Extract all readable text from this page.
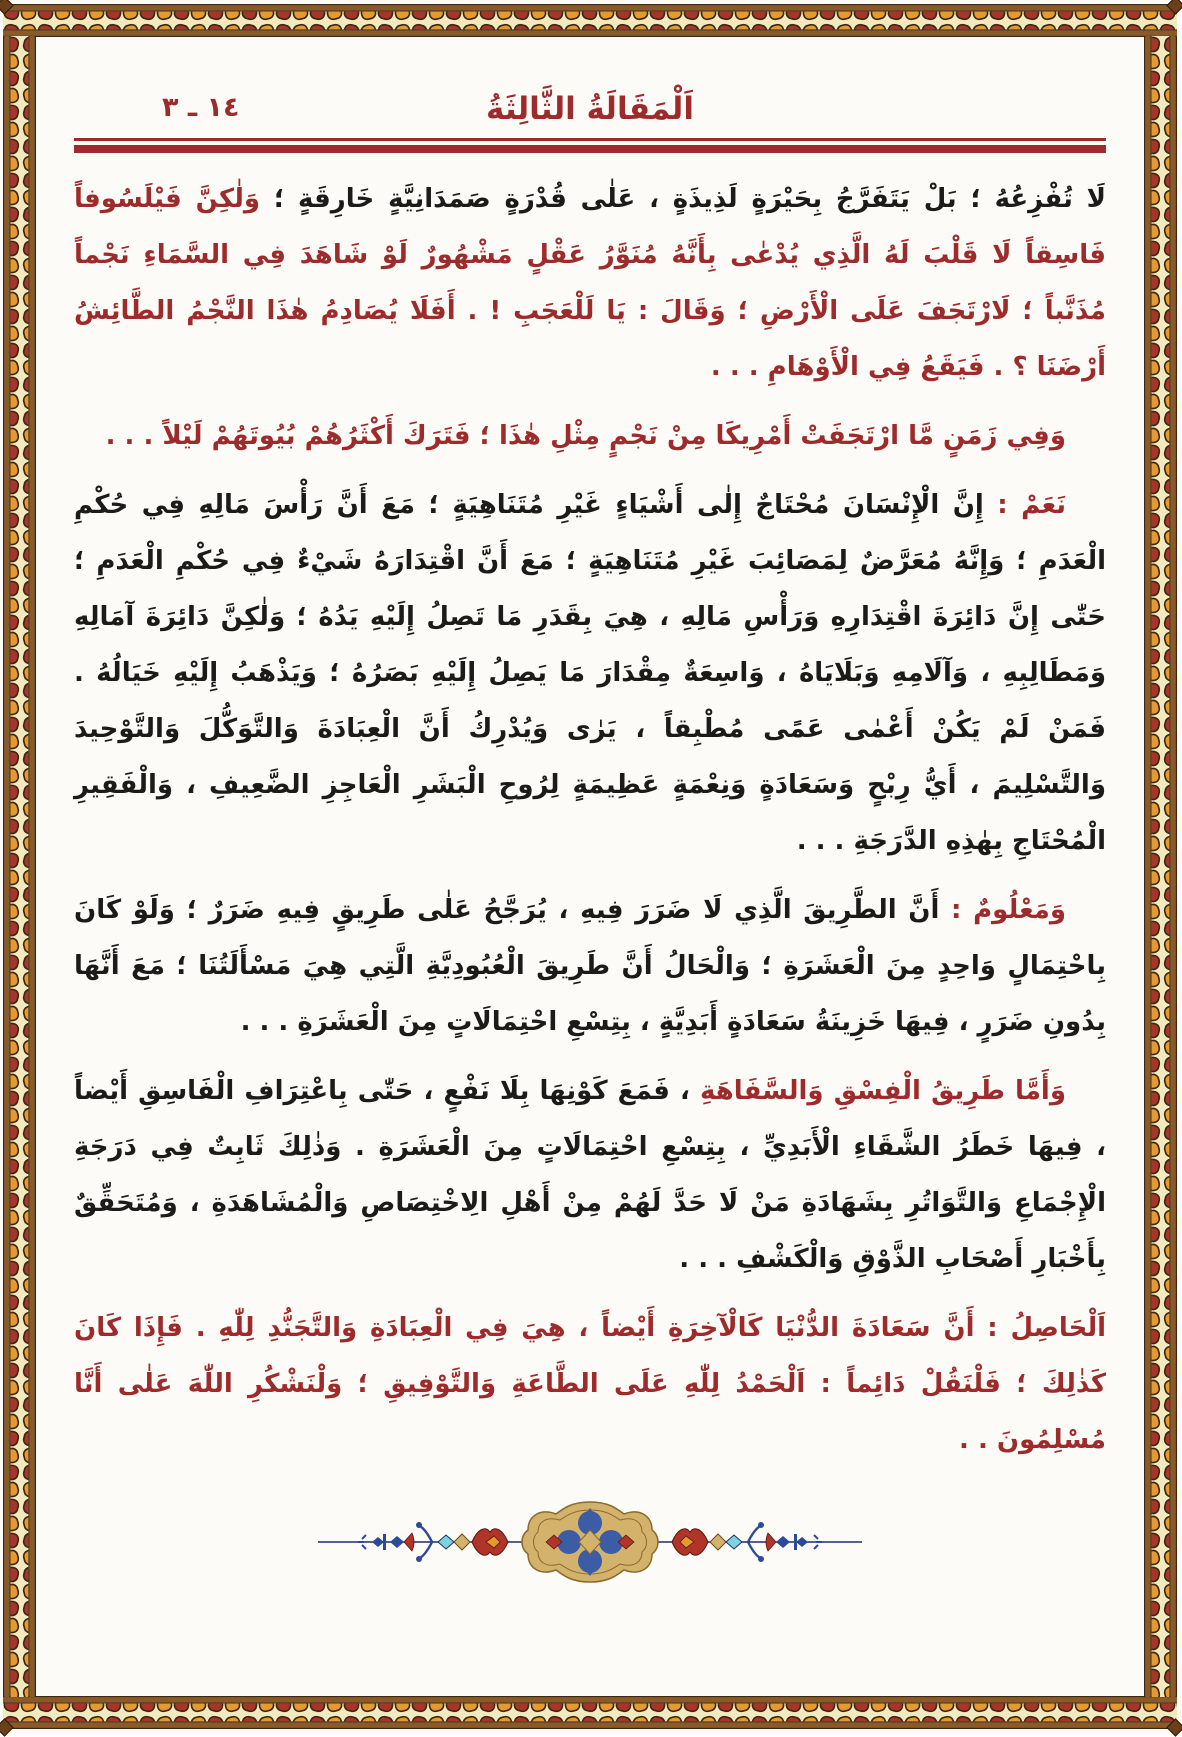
١٤ ـ ٣	اَلْمَقَالَةُ الثَّالِثَةُ

لَا تُفْزِعُهُ ؛ بَلْ يَتَفَرَّجُ بِحَيْرَةٍ لَذِيذَةٍ ، عَلٰى قُدْرَةٍ صَمَدَانِيَّةٍ خَارِقَةٍ ؛ وَلٰكِنَّ فَيْلَسُوفاً فَاسِقاً لَا قَلْبَ لَهُ الَّذِي يُدْعٰى بِأَنَّهُ مُنَوَّرُ عَقْلٍ مَشْهُورٌ لَوْ شَاهَدَ فِي السَّمَاءِ نَجْماً مُذَنَّباً ؛ لَارْتَجَفَ عَلَى الْأَرْضِ ؛ وَقَالَ : يَا لَلْعَجَبِ ! . أَفَلَا يُصَادِمُ هٰذَا النَّجْمُ الطَّائِشُ أَرْضَنَا ؟ . فَيَقَعُ فِي الْأَوْهَامِ . . .

وَفِي زَمَنٍ مَّا ارْتَجَفَتْ أَمْرِيكَا مِنْ نَجْمٍ مِثْلِ هٰذَا ؛ فَتَرَكَ أَكْثَرُهُمْ بُيُوتَهُمْ لَيْلاً . . .

نَعَمْ : إِنَّ الْإِنْسَانَ مُحْتَاجٌ إِلٰى أَشْيَاءٍ غَيْرِ مُتَنَاهِيَةٍ ؛ مَعَ أَنَّ رَأْسَ مَالِهِ فِي حُكْمِ الْعَدَمِ ؛ وَإِنَّهُ مُعَرَّضٌ لِمَصَائِبَ غَيْرِ مُتَنَاهِيَةٍ ؛ مَعَ أَنَّ اقْتِدَارَهُ شَيْءٌ فِي حُكْمِ الْعَدَمِ ؛ حَتّٰى إِنَّ دَائِرَةَ اقْتِدَارِهِ وَرَأْسِ مَالِهِ ، هِيَ بِقَدَرِ مَا تَصِلُ إِلَيْهِ يَدُهُ ؛ وَلٰكِنَّ دَائِرَةَ آمَالِهِ وَمَطَالِبِهِ ، وَآلَامِهِ وَبَلَايَاهُ ، وَاسِعَةٌ مِقْدَارَ مَا يَصِلُ إِلَيْهِ بَصَرُهُ ؛ وَيَذْهَبُ إِلَيْهِ خَيَالُهُ . فَمَنْ لَمْ يَكُنْ أَعْمٰى عَمًى مُطْبِقاً ، يَرٰى وَيُدْرِكُ أَنَّ الْعِبَادَةَ وَالتَّوَكُّلَ وَالتَّوْحِيدَ وَالتَّسْلِيمَ ، أَيُّ رِبْحٍ وَسَعَادَةٍ وَنِعْمَةٍ عَظِيمَةٍ لِرُوحِ الْبَشَرِ الْعَاجِزِ الضَّعِيفِ ، وَالْفَقِيرِ الْمُحْتَاجِ بِهٰذِهِ الدَّرَجَةِ . . .

وَمَعْلُومٌ : أَنَّ الطَّرِيقَ الَّذِي لَا ضَرَرَ فِيهِ ، يُرَجَّحُ عَلٰى طَرِيقٍ فِيهِ ضَرَرٌ ؛ وَلَوْ كَانَ بِاحْتِمَالٍ وَاحِدٍ مِنَ الْعَشَرَةِ ؛ وَالْحَالُ أَنَّ طَرِيقَ الْعُبُودِيَّةِ الَّتِي هِيَ مَسْأَلَتُنَا ؛ مَعَ أَنَّهَا بِدُونِ ضَرَرٍ ، فِيهَا خَزِينَةُ سَعَادَةٍ أَبَدِيَّةٍ ، بِتِسْعِ احْتِمَالَاتٍ مِنَ الْعَشَرَةِ . . .

وَأَمَّا طَرِيقُ الْفِسْقِ وَالسَّفَاهَةِ ، فَمَعَ كَوْنِهَا بِلَا نَفْعٍ ، حَتّٰى بِاعْتِرَافِ الْفَاسِقِ أَيْضاً ، فِيهَا خَطَرُ الشَّقَاءِ الْأَبَدِيِّ ، بِتِسْعِ احْتِمَالَاتٍ مِنَ الْعَشَرَةِ . وَذٰلِكَ ثَابِتٌ فِي دَرَجَةِ الْإِجْمَاعِ وَالتَّوَاتُرِ بِشَهَادَةِ مَنْ لَا حَدَّ لَهُمْ مِنْ أَهْلِ الِاخْتِصَاصِ وَالْمُشَاهَدَةِ ، وَمُتَحَقِّقٌ بِأَخْبَارِ أَصْحَابِ الذَّوْقِ وَالْكَشْفِ . . .

اَلْحَاصِلُ : أَنَّ سَعَادَةَ الدُّنْيَا كَالْآخِرَةِ أَيْضاً ، هِيَ فِي الْعِبَادَةِ وَالتَّجَنُّدِ لِلّٰهِ . فَإِذَا كَانَ كَذٰلِكَ ؛ فَلْنَقُلْ دَائِماً : اَلْحَمْدُ لِلّٰهِ عَلَى الطَّاعَةِ وَالتَّوْفِيقِ ؛ وَلْنَشْكُرِ اللّٰهَ عَلٰى أَنَّا مُسْلِمُونَ . .
